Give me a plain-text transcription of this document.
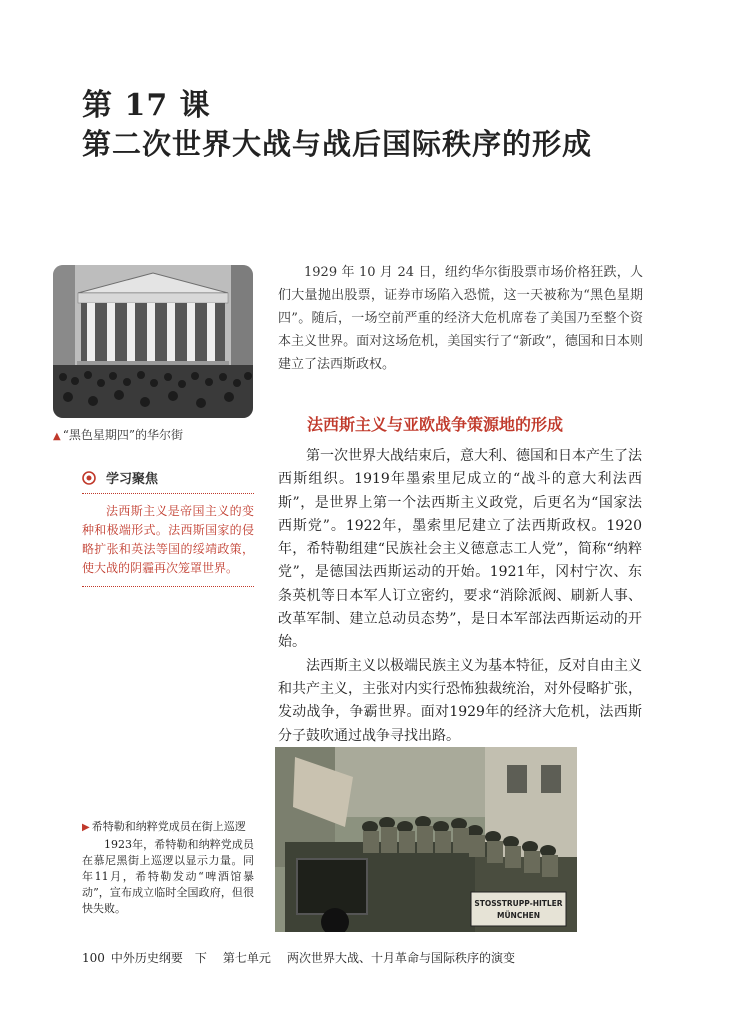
第 17 课
第二次世界大战与战后国际秩序的形成
▲ “黑色星期四”的华尔街
学习聚焦
法西斯主义是帝国主义的变种和极端形式。法西斯国家的侵略扩张和英法等国的绥靖政策，使大战的阴霾再次笼罩世界。
1929 年 10 月 24 日，纽约华尔街股票市场价格狂跌，人们大量抛出股票，证券市场陷入恐慌，这一天被称为“黑色星期四”。随后，一场空前严重的经济大危机席卷了美国乃至整个资本主义世界。面对这场危机，美国实行了“新政”，德国和日本则建立了法西斯政权。
法西斯主义与亚欧战争策源地的形成

第一次世界大战结束后，意大利、德国和日本产生了法西斯组织。1919年墨索里尼成立的“战斗的意大利法西斯”，是世界上第一个法西斯主义政党，后更名为“国家法西斯党”。1922年，墨索里尼建立了法西斯政权。1920年，希特勒组建“民族社会主义德意志工人党”，简称“纳粹党”，是德国法西斯运动的开始。1921年，冈村宁次、东条英机等日本军人订立密约，要求“消除派阀、刷新人事、改革军制、建立总动员态势”，是日本军部法西斯运动的开始。

法西斯主义以极端民族主义为基本特征，反对自由主义和共产主义，主张对内实行恐怖独裁统治，对外侵略扩张，发动战争，争霸世界。面对1929年的经济大危机，法西斯分子鼓吹通过战争寻找出路。

STOSSTRUPP-HITLER
MÜNCHEN
▶ 希特勒和纳粹党成员在街上巡逻
1923年，希特勒和纳粹党成员在慕尼黑街上巡逻以显示力量。同年11月，希特勒发动“啤酒馆暴动”，宣布成立临时全国政府，但很快失败。
100 中外历史纲要　下 第七单元 两次世界大战、十月革命与国际秩序的演变
